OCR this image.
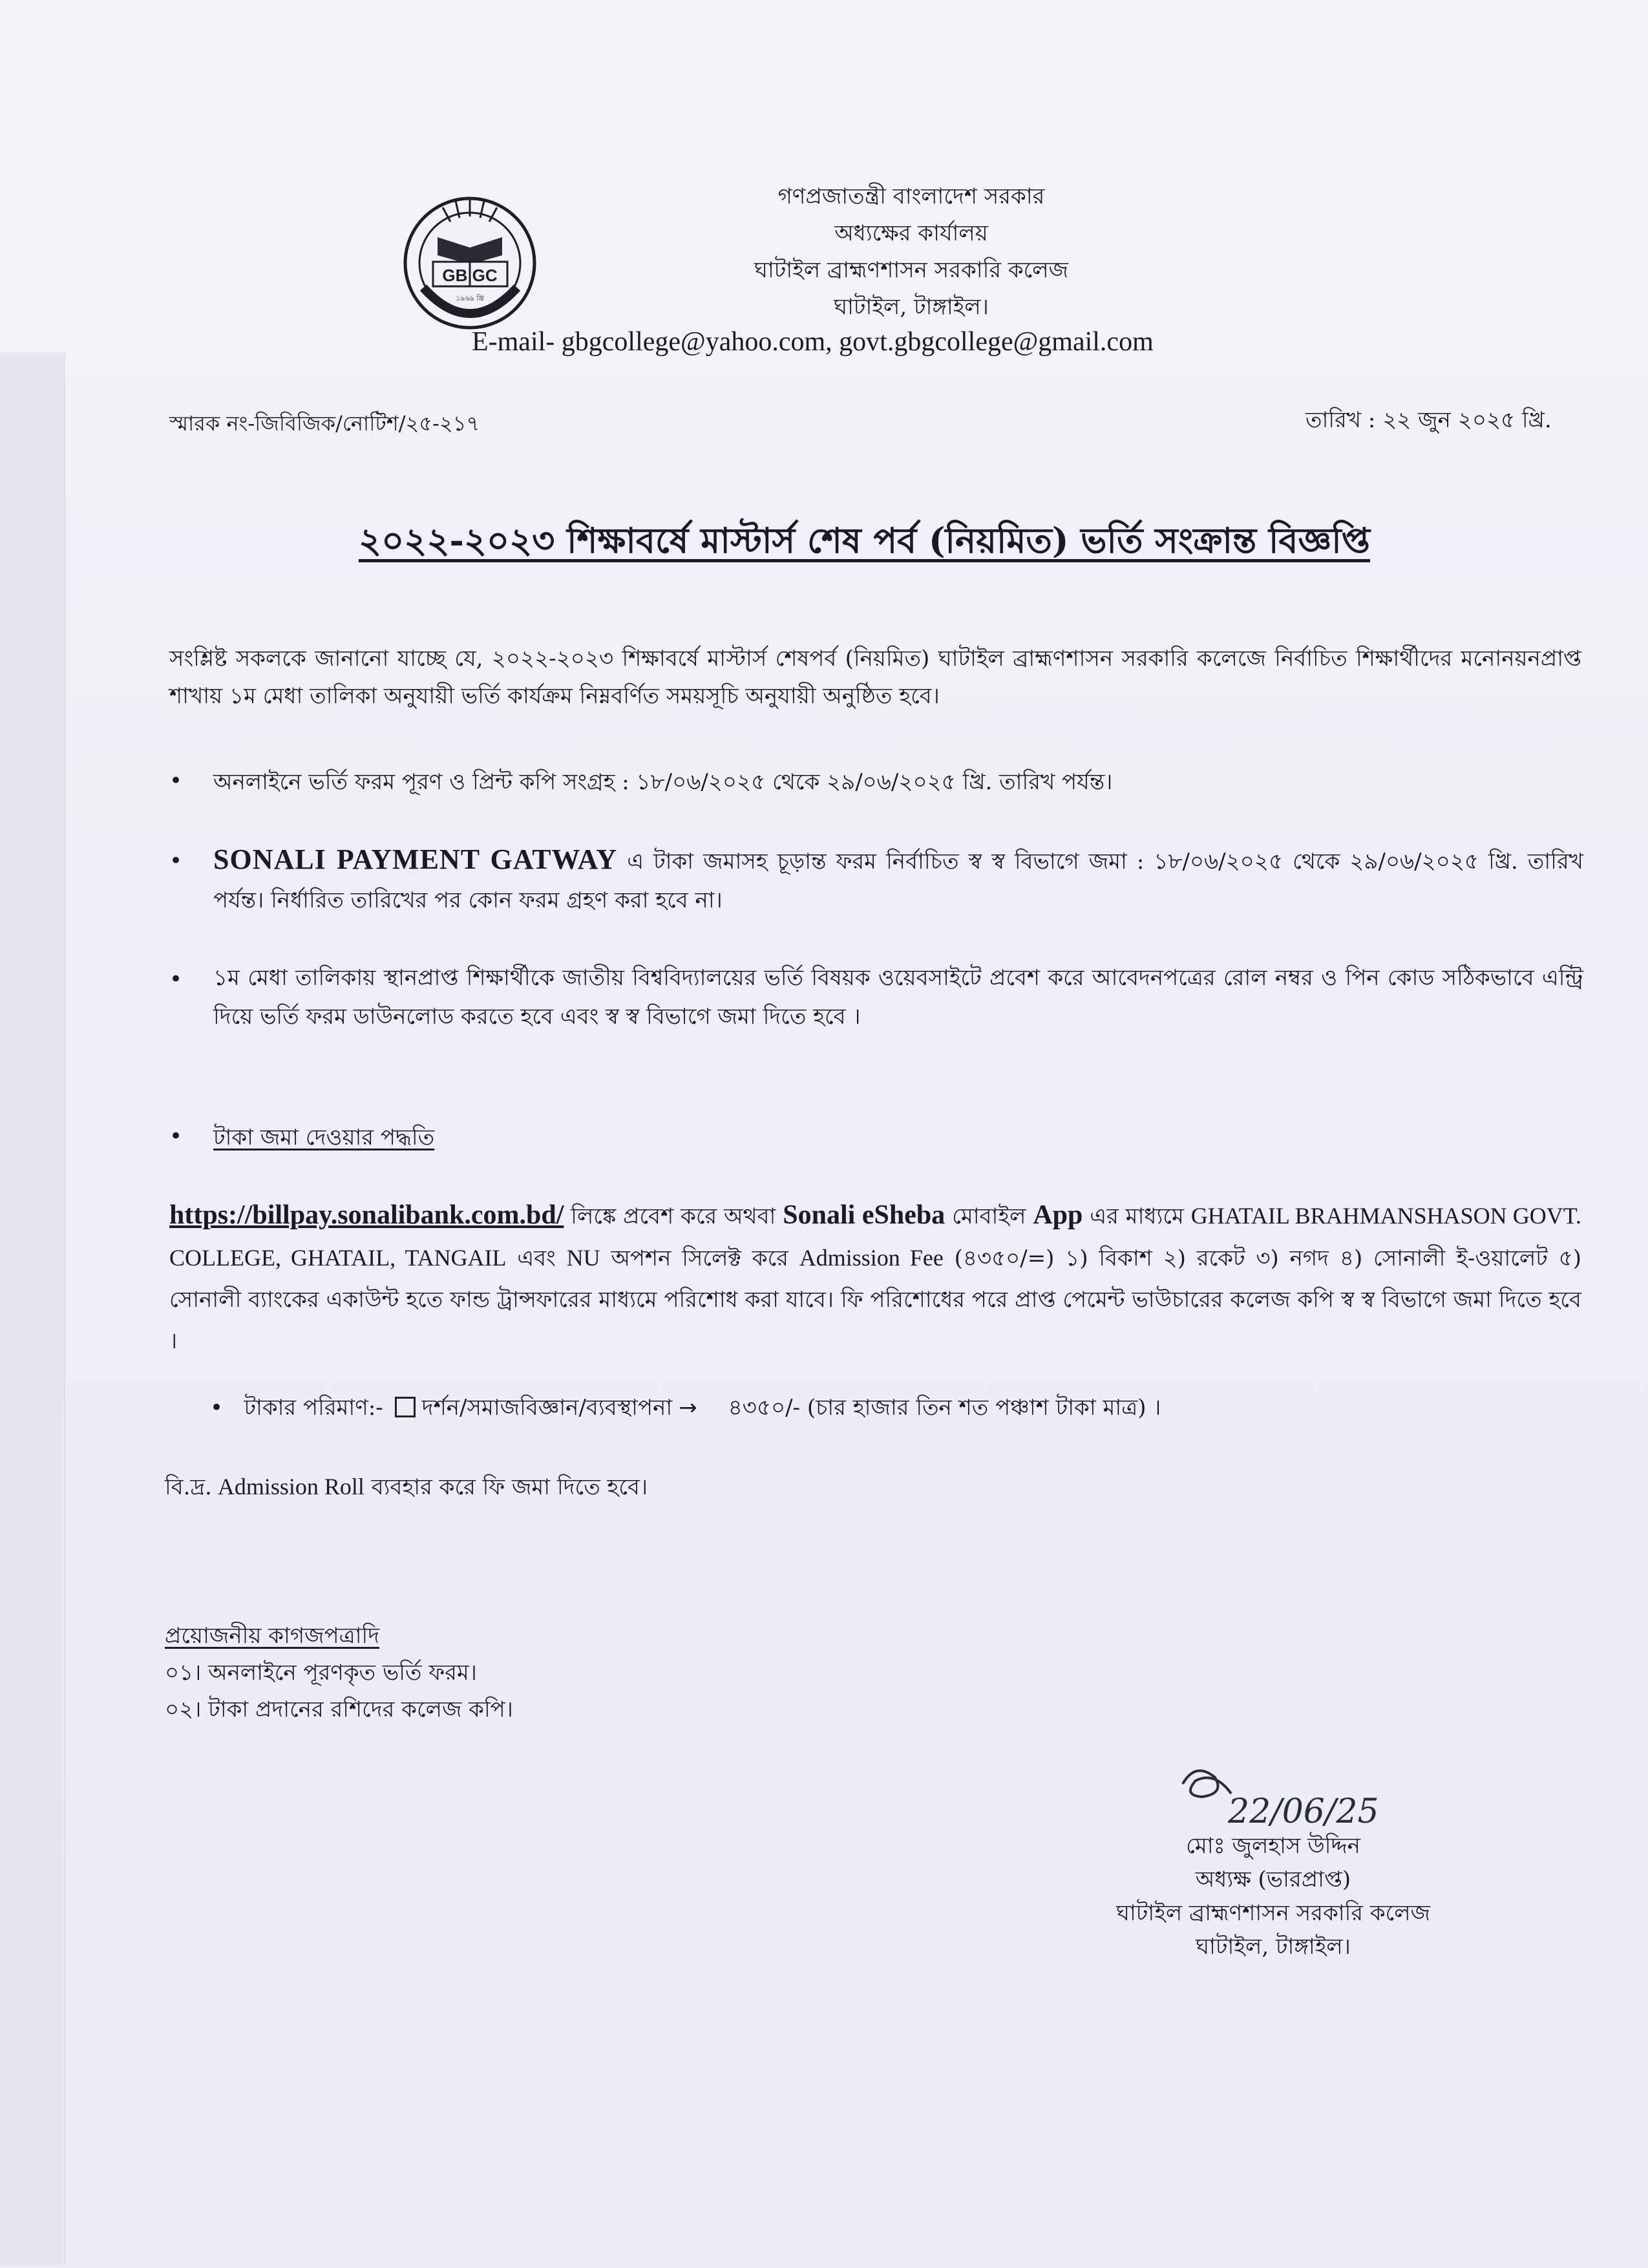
GB GC
১৯৬৯ খ্রি
গণপ্রজাতন্ত্রী বাংলাদেশ সরকার
অধ্যক্ষের কার্যালয়
ঘাটাইল ব্রাহ্মণশাসন সরকারি কলেজ
ঘাটাইল, টাঙ্গাইল।
E-mail- gbgcollege@yahoo.com, govt.gbgcollege@gmail.com
স্মারক নং-জিবিজিক/নোটিশ/২৫-২১৭	তারিখ : ২২ জুন ২০২৫ খ্রি.
২০২২-২০২৩ শিক্ষাবর্ষে মাস্টার্স শেষ পর্ব (নিয়মিত) ভর্তি সংক্রান্ত বিজ্ঞপ্তি
সংশ্লিষ্ট সকলকে জানানো যাচ্ছে যে, ২০২২-২০২৩ শিক্ষাবর্ষে মাস্টার্স শেষপর্ব (নিয়মিত) ঘাটাইল ব্রাহ্মণশাসন সরকারি কলেজে নির্বাচিত শিক্ষার্থীদের মনোনয়নপ্রাপ্ত শাখায় ১ম মেধা তালিকা অনুযায়ী ভর্তি কার্যক্রম নিম্নবর্ণিত সময়সূচি অনুযায়ী অনুষ্ঠিত হবে।
• অনলাইনে ভর্তি ফরম পূরণ ও প্রিন্ট কপি সংগ্রহ : ১৮/০৬/২০২৫ থেকে ২৯/০৬/২০২৫ খ্রি. তারিখ পর্যন্ত।
• SONALI PAYMENT GATWAY এ টাকা জমাসহ চূড়ান্ত ফরম নির্বাচিত স্ব স্ব বিভাগে জমা : ১৮/০৬/২০২৫ থেকে ২৯/০৬/২০২৫ খ্রি. তারিখ পর্যন্ত। নির্ধারিত তারিখের পর কোন ফরম গ্রহণ করা হবে না।
• ১ম মেধা তালিকায় স্থানপ্রাপ্ত শিক্ষার্থীকে জাতীয় বিশ্ববিদ্যালয়ের ভর্তি বিষয়ক ওয়েবসাইটে প্রবেশ করে আবেদনপত্রের রোল নম্বর ও পিন কোড সঠিকভাবে এন্ট্রি দিয়ে ভর্তি ফরম ডাউনলোড করতে হবে এবং স্ব স্ব বিভাগে জমা দিতে হবে ।
• টাকা জমা দেওয়ার পদ্ধতি
https://billpay.sonalibank.com.bd/ লিঙ্কে প্রবেশ করে অথবা Sonali eSheba মোবাইল App এর মাধ্যমে GHATAIL BRAHMANSHASON GOVT. COLLEGE, GHATAIL, TANGAIL এবং NU অপশন সিলেক্ট করে Admission Fee (৪৩৫০/=) ১) বিকাশ ২) রকেট ৩) নগদ ৪) সোনালী ই-ওয়ালেট ৫) সোনালী ব্যাংকের একাউন্ট হতে ফান্ড ট্রান্সফারের মাধ্যমে পরিশোধ করা যাবে। ফি পরিশোধের পরে প্রাপ্ত পেমেন্ট ভাউচারের কলেজ কপি স্ব স্ব বিভাগে জমা দিতে হবে ।
•   টাকার পরিমাণ:- দর্শন/সমাজবিজ্ঞান/ব্যবস্থাপনা → ৪৩৫০/- (চার হাজার তিন শত পঞ্চাশ টাকা মাত্র) ।
বি.দ্র. Admission Roll ব্যবহার করে ফি জমা দিতে হবে।
প্রয়োজনীয় কাগজপত্রাদি
০১। অনলাইনে পূরণকৃত ভর্তি ফরম।
০২। টাকা প্রদানের রশিদের কলেজ কপি।
22/06/25
মোঃ জুলহাস উদ্দিন
অধ্যক্ষ (ভারপ্রাপ্ত)
ঘাটাইল ব্রাহ্মণশাসন সরকারি কলেজ
ঘাটাইল, টাঙ্গাইল।
